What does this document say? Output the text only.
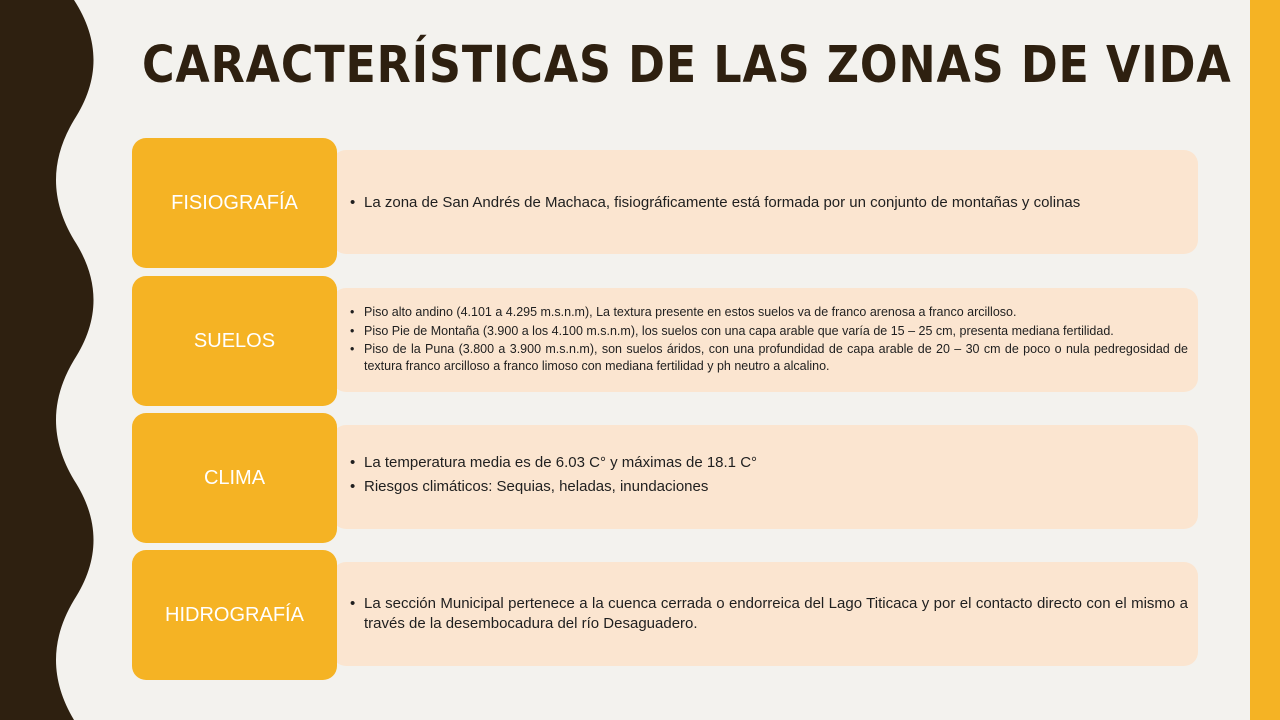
CARACTERÍSTICAS DE LAS ZONAS DE VIDA
• La zona de San Andrés de Machaca, fisiográficamente está formada por un conjunto de montañas y colinas
FISIOGRAFÍA
• Piso alto andino (4.101 a 4.295 m.s.n.m), La textura presente en estos suelos va de franco arenosa a franco arcilloso.
• Piso Pie de Montaña (3.900 a los 4.100 m.s.n.m), los suelos con una capa arable que varía de 15 – 25 cm, presenta mediana fertilidad.
• Piso de la Puna (3.800 a 3.900 m.s.n.m), son suelos áridos, con una profundidad de capa arable de 20 – 30 cm de poco o nula pedregosidad de textura franco arcilloso a franco limoso con mediana fertilidad y ph neutro a alcalino.
SUELOS
• La temperatura media es de 6.03 C° y máximas de 18.1 C°
• Riesgos climáticos: Sequias, heladas, inundaciones
CLIMA
• La sección Municipal pertenece a la cuenca cerrada o endorreica del Lago Titicaca y por el contacto directo con el mismo a través de la desembocadura del río Desaguadero.
HIDROGRAFÍA
